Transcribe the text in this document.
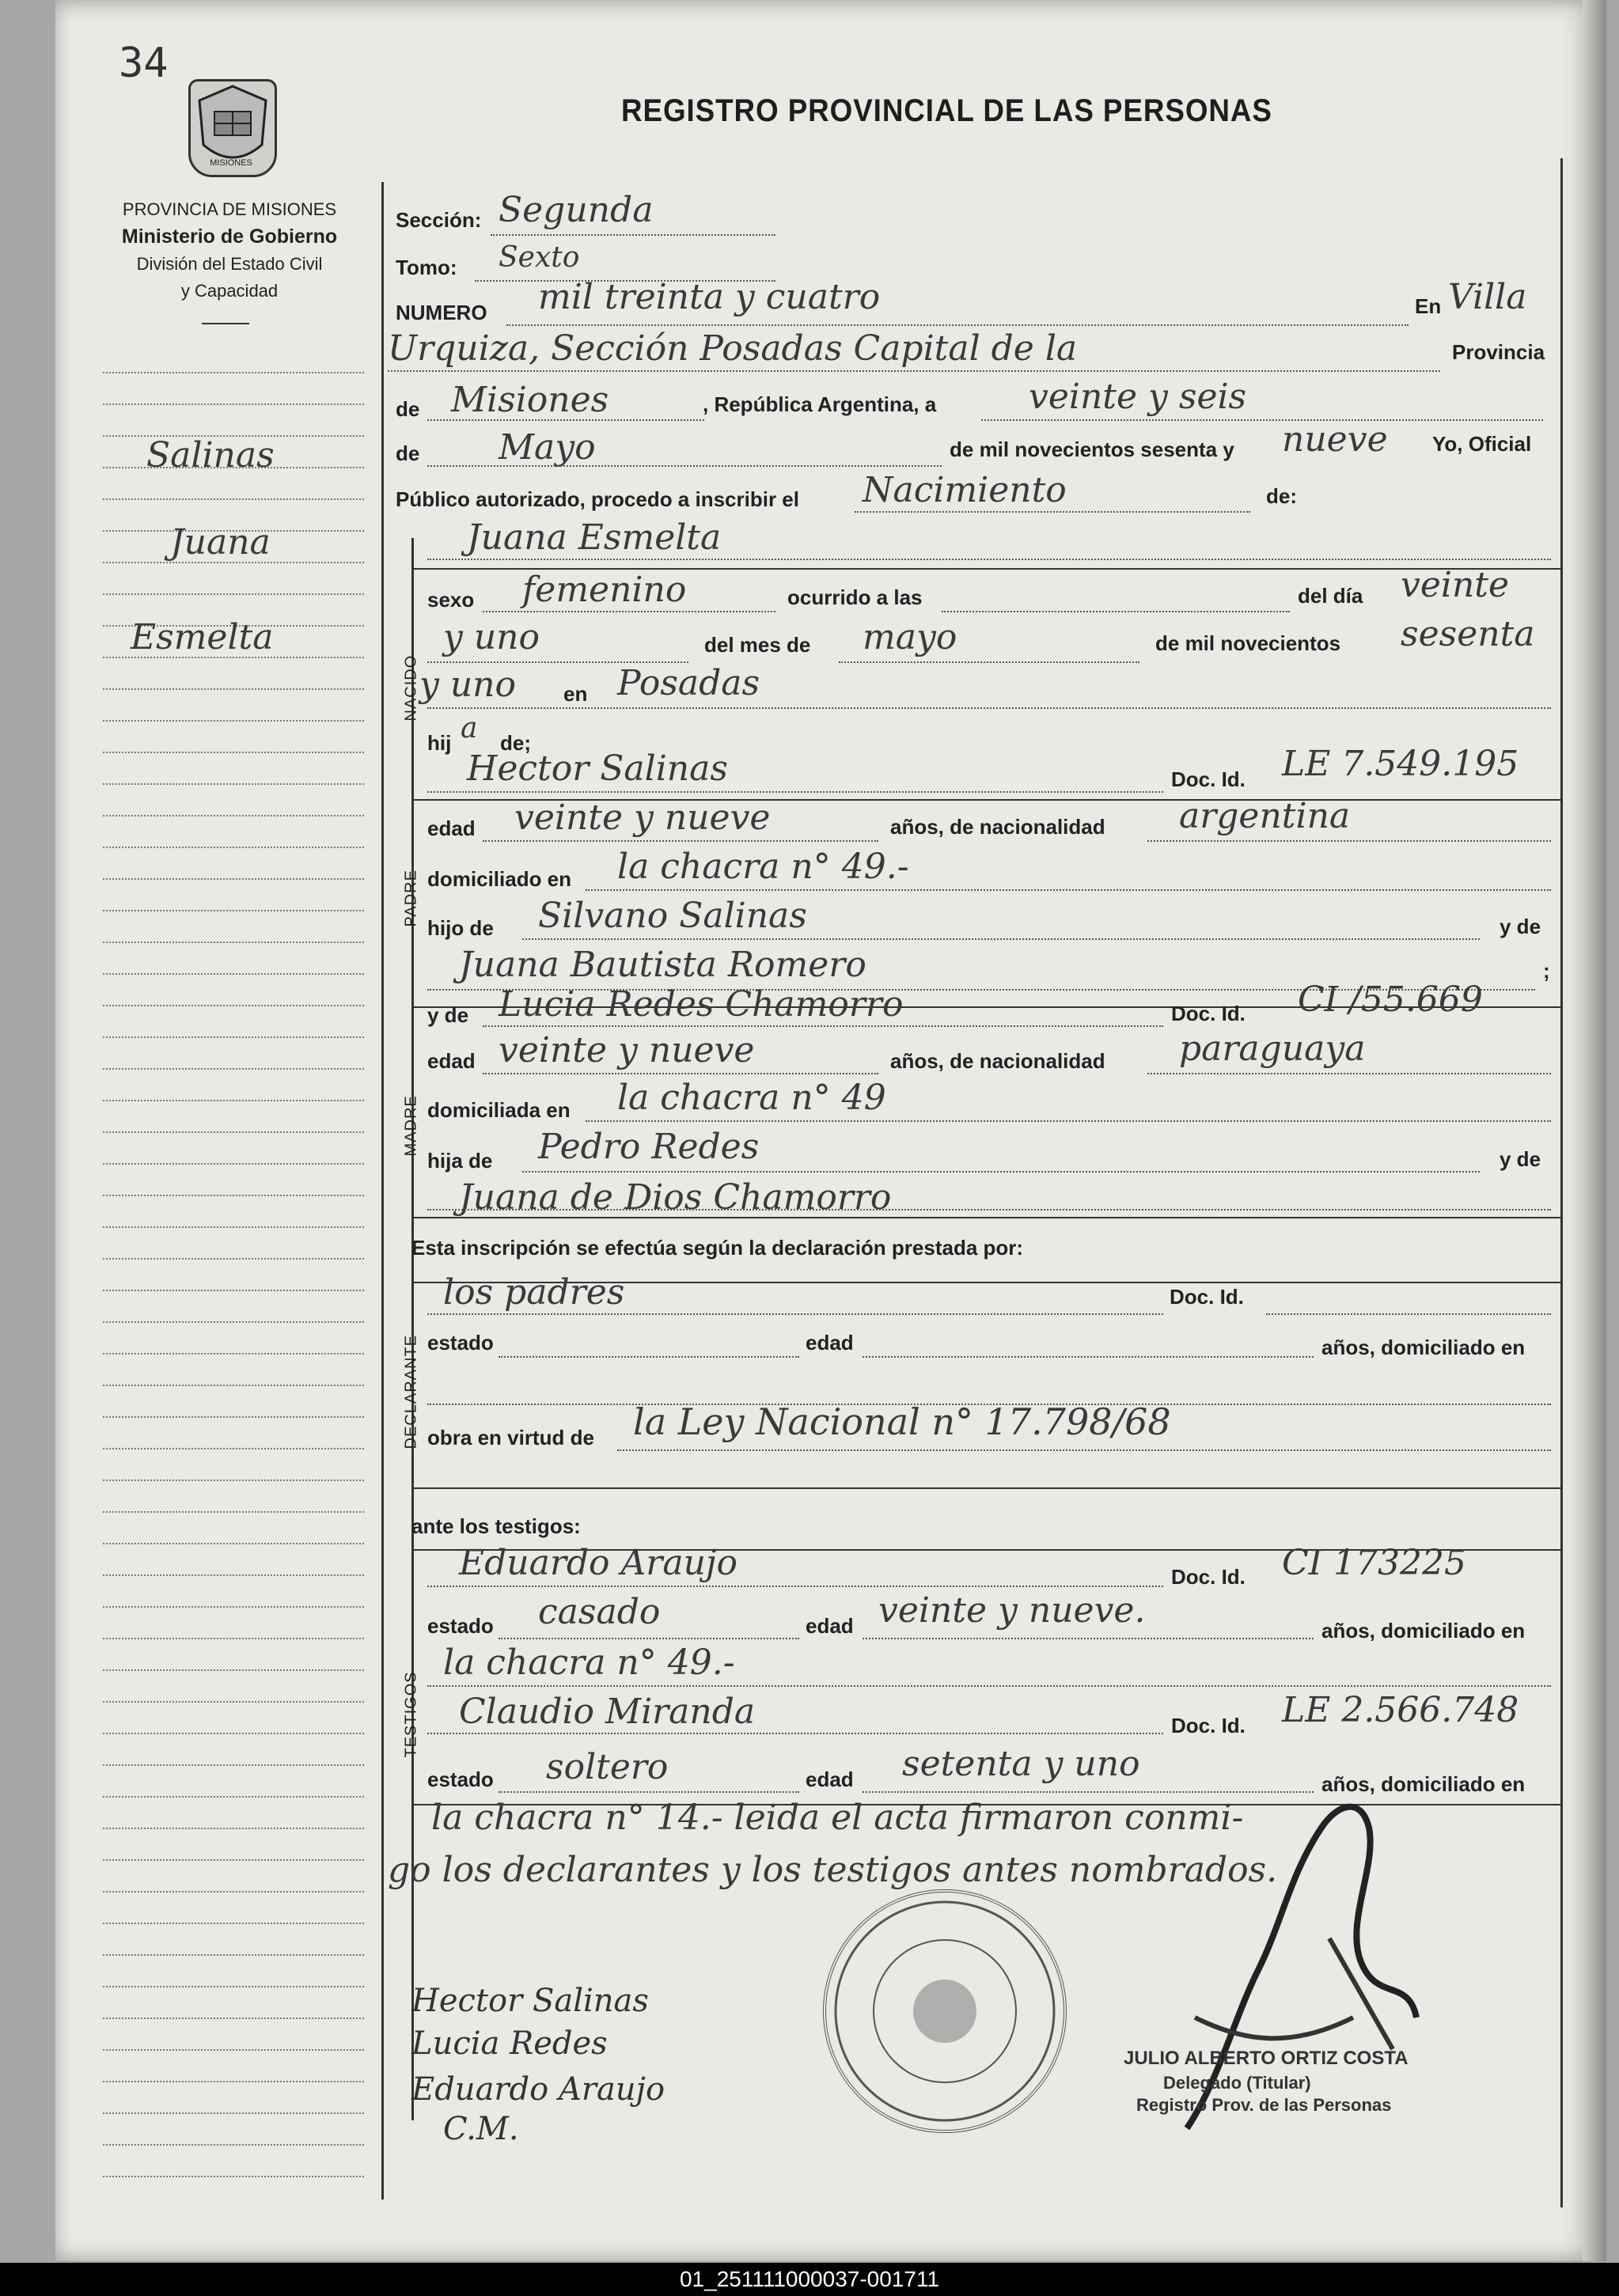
34
REGISTRO PROVINCIAL DE LAS PERSONAS
MISIONES
PROVINCIA DE MISIONES
Ministerio de Gobierno
División del Estado Civil
y Capacidad
Salinas
Juana
Esmelta
NACIDO
PADRE
MADRE
DECLARANTE
TESTIGOS
Sección: Segunda
Tomo: Sexto
NUMERO mil treinta y cuatro	En Villa
Urquiza, Sección Posadas Capital de la	Provincia
de Misiones	, República Argentina, a	veinte y seis
de Mayo	de mil novecientos sesenta y nueve Yo, Oficial
Público autorizado, procedo a inscribir el Nacimiento	de:
Juana Esmelta
sexo femenino	ocurrido a las	del día veinte
y uno	del mes de mayo	de mil novecientos sesenta
y uno en Posadas
hij a de;
Hector Salinas	Doc. Id. LE 7.549.195
edad veinte y nueve	años, de nacionalidad argentina
domiciliado en la chacra n° 49.-
hijo de Silvano Salinas	y de
Juana Bautista Romero	;
y de Lucia Redes Chamorro	Doc. Id. CI /55.669
edad veinte y nueve	años, de nacionalidad paraguaya
domiciliada en la chacra n° 49
hija de Pedro Redes	y de
Juana de Dios Chamorro
Esta inscripción se efectúa según la declaración prestada por:
los padres	Doc. Id.
estado	edad	años, domiciliado en
obra en virtud de la Ley Nacional n° 17.798/68
ante los testigos:
Eduardo Araujo	Doc. Id. CI 173225
estado casado	edad veinte y nueve.	años, domiciliado en
la chacra n° 49.-
Claudio Miranda	Doc. Id. LE 2.566.748
estado soltero	edad setenta y uno	años, domiciliado en
la chacra n° 14.- leida el acta firmaron conmi-
go los declarantes y los testigos antes nombrados.
Hector Salinas
Lucia Redes
Eduardo Araujo
C.M.
JULIO ALBERTO ORTIZ COSTA
Delegado (Titular)
Registro Prov. de las Personas
01_251111000037-001711
